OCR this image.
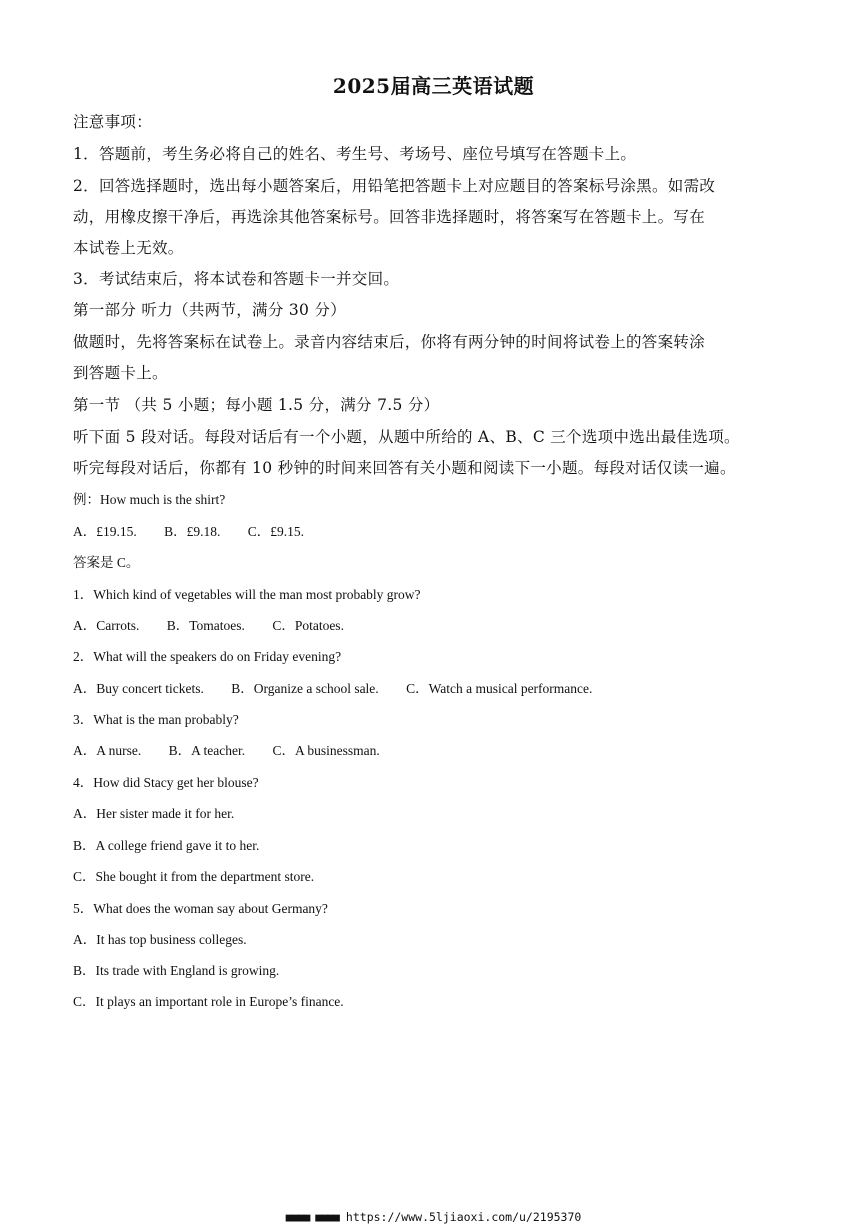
2025届高三英语试题
注意事项：
1．答题前，考生务必将自己的姓名、考生号、考场号、座位号填写在答题卡上。
2．回答选择题时，选出每小题答案后，用铅笔把答题卡上对应题目的答案标号涂黑。如需改
动，用橡皮擦干净后，再选涂其他答案标号。回答非选择题时，将答案写在答题卡上。写在
本试卷上无效。
3．考试结束后，将本试卷和答题卡一并交回。
第一部分 听力（共两节，满分 30 分）
做题时，先将答案标在试卷上。录音内容结束后，你将有两分钟的时间将试卷上的答案转涂
到答题卡上。
第一节 （共 5 小题；每小题 1.5 分，满分 7.5 分）
听下面 5 段对话。每段对话后有一个小题，从题中所给的 A、B、C 三个选项中选出最佳选项。
听完每段对话后，你都有 10 秒钟的时间来回答有关小题和阅读下一小题。每段对话仅读一遍。
例：How much is the shirt?
A．£19.15. B．£9.18. C．£9.15.
答案是 C。
1．Which kind of vegetables will the man most probably grow?
A．Carrots. B．Tomatoes. C．Potatoes.
2．What will the speakers do on Friday evening?
A．Buy concert tickets. B．Organize a school sale. C．Watch a musical performance.
3．What is the man probably?
A．A nurse. B．A teacher. C．A businessman.
4．How did Stacy get her blouse?
A．Her sister made it for her.
B．A college friend gave it to her.
C．She bought it from the department store.
5．What does the woman say about Germany?
A．It has top business colleges.
B．Its trade with England is growing.
C．It plays an important role in Europe’s finance.
■■■■ ■■■■ https://www.5ljiaoxi.com/u/2195370
